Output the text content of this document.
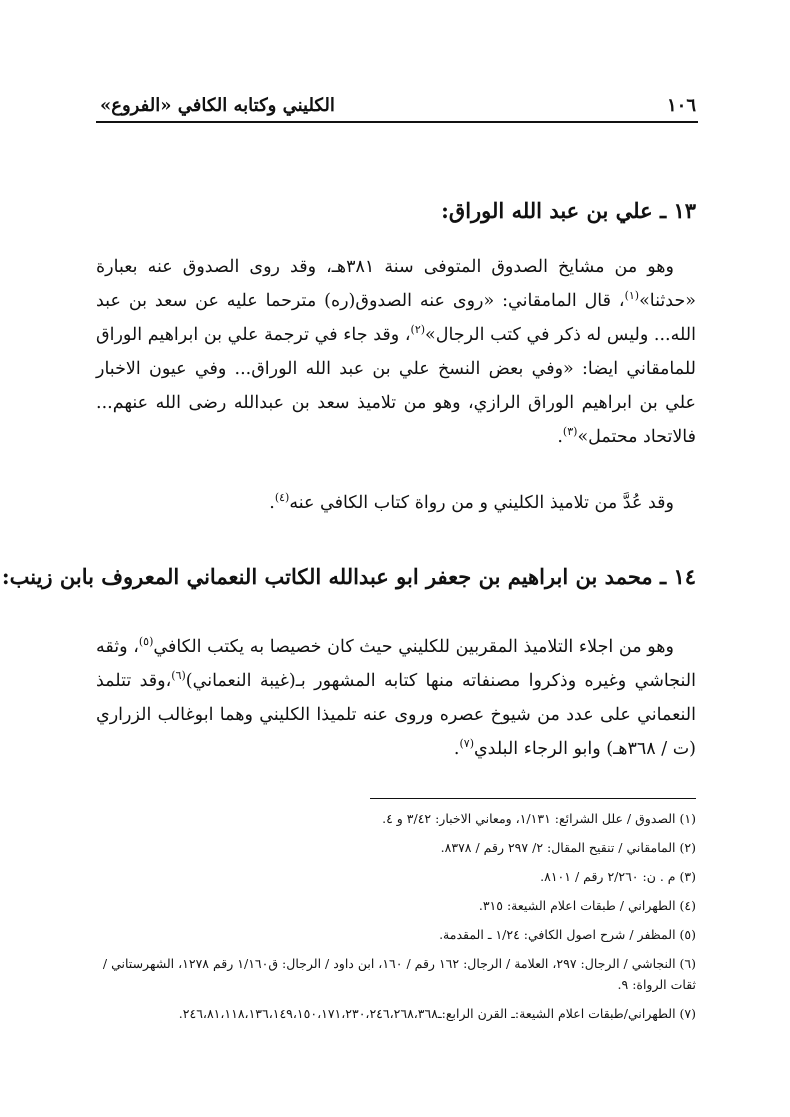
١٠٦
الكليني وكتابه الكافي «الفروع»
١٣ ـ علي بن عبد الله الوراق:

وهو من مشايخ الصدوق المتوفى سنة ٣٨١هـ، وقد روى الصدوق عنه بعبارة «حدثنا»$^{(١)}$، قال المامقاني: «روى عنه الصدوق(ره) مترحما عليه عن سعد بن عبد الله... وليس له ذكر في كتب الرجال»$^{(٢)}$، وقد جاء في ترجمة علي بن ابراهيم الوراق للمامقاني ايضا: «وفي بعض النسخ علي بن عبد الله الوراق... وفي عيون الاخبار علي بن ابراهيم الوراق الرازي، وهو من تلاميذ سعد بن عبدالله رضى الله عنهم... فالاتحاد محتمل»$^{(٣)}$.

وقد عُدَّ من تلاميذ الكليني و من رواة كتاب الكافي عنه$^{(٤)}$.

١٤ ـ محمد بن ابراهيم بن جعفر ابو عبدالله الكاتب النعماني المعروف بابن زينب:

وهو من اجلاء التلاميذ المقربين للكليني حيث كان خصيصا به يكتب الكافي$^{(٥)}$، وثقه النجاشي وغيره وذكروا مصنفاته منها كتابه المشهور بـ(غيبة النعماني)$^{(٦)}$،وقد تتلمذ النعماني على عدد من شيوخ عصره وروى عنه تلميذا الكليني وهما ابوغالب الزراري (ت / ٣٦٨هـ) وابو الرجاء البلدي$^{(٧)}$.

(١) الصدوق / علل الشرائع: ١/١٣١، ومعاني الاخبار: ٣/٤٢ و ٤.
(٢) المامقاني / تنقيح المقال: ٢/ ٢٩٧ رقم / ٨٣٧٨.
(٣) م . ن: ٢/٢٦٠ رقم / ٨١٠١.
(٤) الطهراني / طبقات اعلام الشيعة: ٣١٥.
(٥) المظفر / شرح اصول الكافي: ١/٢٤ ـ المقدمة.
(٦) النجاشي / الرجال: ٢٩٧، العلامة / الرجال: ١٦٢ رقم / ١٦٠، ابن داود / الرجال: ق١/١٦٠ رقم ١٢٧٨، الشهرستاني / ثقات الرواة: ٩.
(٧) الطهراني/طبقات اعلام الشيعة:ـ القرن الرابع:ـ٢٤٦،٨١،١١٨،١٣٦،١٤٩،١٥٠،١٧١،٢٣٠،٢٤٦،٢٦٨،٣٦٨.
